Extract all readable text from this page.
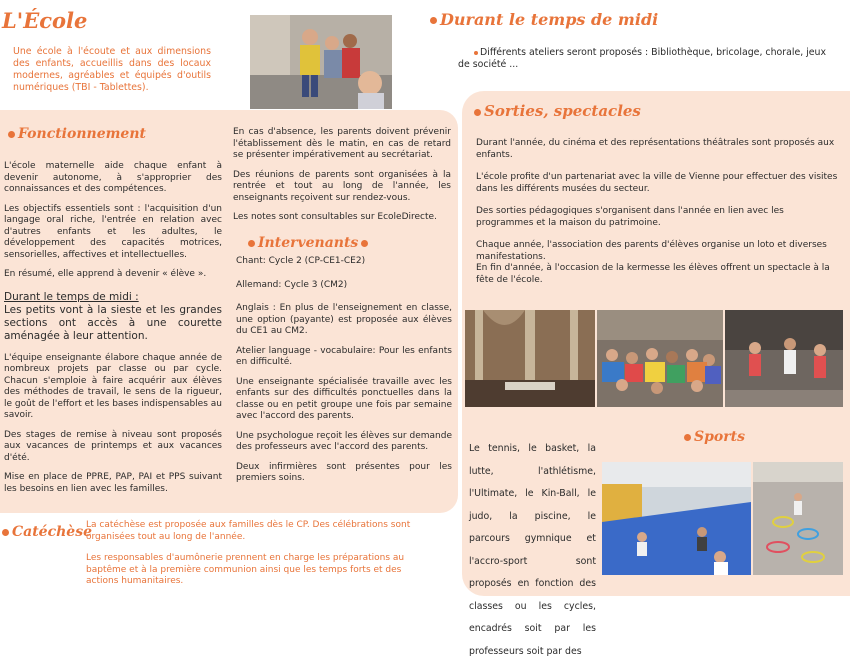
L'École
Une école à l'écoute et aux dimensions des enfants, accueillis dans des locaux modernes, agréables et équipés d'outils numériques (TBI - Tablettes).
Durant le temps de midi
Différents ateliers seront proposés : Bibliothèque, bricolage, chorale, jeux de société ...
Fonctionnement
L'école maternelle aide chaque enfant à devenir autonome, à s'approprier des connaissances et des compétences.
Les objectifs essentiels sont : l'acquisition d'un langage oral riche, l'entrée en relation avec d'autres enfants et les adultes, le développement des capacités motrices, sensorielles, affectives et intellectuelles.
En résumé, elle apprend à devenir « élève ».
Durant le temps de midi :
Les petits vont à la sieste et les grandes sections ont accès à une courette aménagée à leur attention.
L'équipe enseignante élabore chaque année de nombreux projets par classe ou par cycle. Chacun s'emploie à faire acquérir aux élèves des méthodes de travail, le sens de la rigueur, le goût de l'effort et les bases indispensables au savoir.
Des stages de remise à niveau sont proposés aux vacances de printemps et aux vacances d'été.
Mise en place de PPRE, PAP, PAI et PPS suivant les besoins en lien avec les familles.
En cas d'absence, les parents doivent prévenir l'établissement dès le matin, en cas de retard se présenter impérativement au secrétariat.
Des réunions de parents sont organisées à la rentrée et tout au long de l'année, les enseignants reçoivent sur rendez-vous.
Les notes sont consultables sur EcoleDirecte.
Intervenants
Chant: Cycle 2 (CP-CE1-CE2)
Allemand: Cycle 3 (CM2)
Anglais : En plus de l'enseignement en classe, une option (payante) est proposée aux élèves du CE1 au CM2.
Atelier language - vocabulaire: Pour les enfants en difficulté.
Une enseignante spécialisée travaille avec les enfants sur des difficultés ponctuelles dans la classe ou en petit groupe une fois par semaine avec l'accord des parents.
Une psychologue reçoit les élèves sur demande des professeurs avec l'accord des parents.
Deux infirmières sont présentes pour les premiers soins.
Catéchèse
La catéchèse est proposée aux familles dès le CP. Des célébrations sont organisées tout au long de l'année.
Les responsables d'aumônerie prennent en charge les préparations au baptême et à la première communion ainsi que les temps forts et des actions humanitaires.
Sorties, spectacles
Durant l'année, du cinéma et des représentations théâtrales sont proposés aux enfants.
L'école profite d'un partenariat avec la ville de Vienne pour effectuer des visites dans les différents musées du secteur.
Des sorties pédagogiques s'organisent dans l'année en lien avec les programmes et la maison du patrimoine.
Chaque année, l'association des parents d'élèves organise un loto et diverses manifestations.
En fin d'année, à l'occasion de la kermesse les élèves offrent un spectacle à la fête de l'école.
Sports
Le tennis, le basket, la lutte, l'athlétisme, l'Ultimate, le Kin-Ball, le judo, la piscine, le parcours gymnique et l'accro-sport sont proposés en fonction des classes ou les cycles, encadrés soit par les professeurs soit par des
